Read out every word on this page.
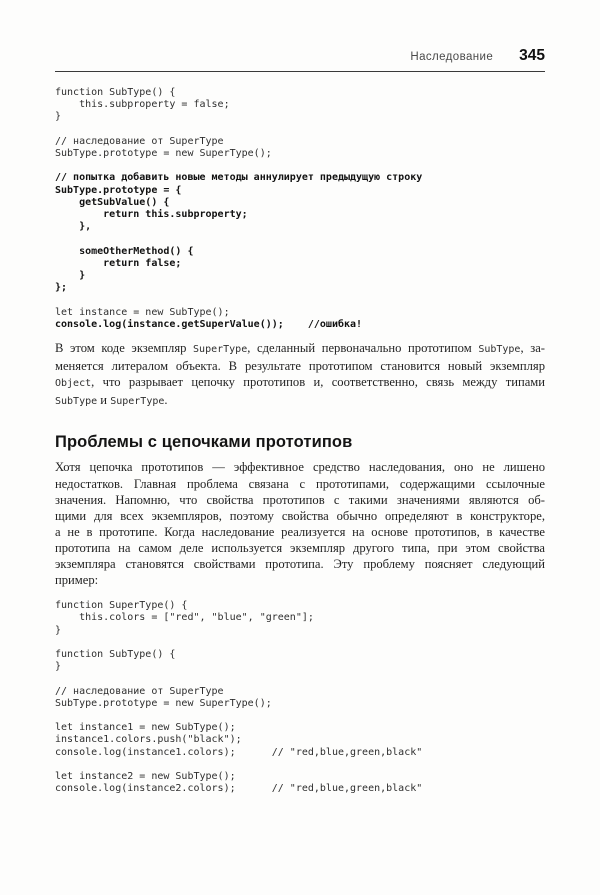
Наследование 345
function SubType() {
this.subproperty = false;
}

// наследование от SuperType
SubType.prototype = new SuperType();

// попытка добавить новые методы аннулирует предыдущую строку
SubType.prototype = {
getSubValue() {
return this.subproperty;
},

someOtherMethod() {
return false;
}
};

let instance = new SubType();
console.log(instance.getSuperValue());    //ошибка!
В этом коде экземпляр SuperType, сделанный первоначально прототипом SubType, за-
меняется литералом объекта. В результате прототипом становится новый экземпляр
Object, что разрывает цепочку прототипов и, соответственно, связь между типами
SubType и SuperType.
Проблемы с цепочками прототипов
Хотя цепочка прототипов — эффективное средство наследования, оно не лишено
недостатков. Главная проблема связана с прототипами, содержащими ссылочные
значения. Напомню, что свойства прототипов с такими значениями являются об-
щими для всех экземпляров, поэтому свойства обычно определяют в конструкторе,
а не в прототипе. Когда наследование реализуется на основе прототипов, в качестве
прототипа на самом деле используется экземпляр другого типа, при этом свойства
экземпляра становятся свойствами прототипа. Эту проблему поясняет следующий
пример:
function SuperType() {
this.colors = ["red", "blue", "green"];
}

function SubType() {
}

// наследование от SuperType
SubType.prototype = new SuperType();

let instance1 = new SubType();
instance1.colors.push("black");
console.log(instance1.colors);      // "red,blue,green,black"

let instance2 = new SubType();
console.log(instance2.colors);      // "red,blue,green,black"
